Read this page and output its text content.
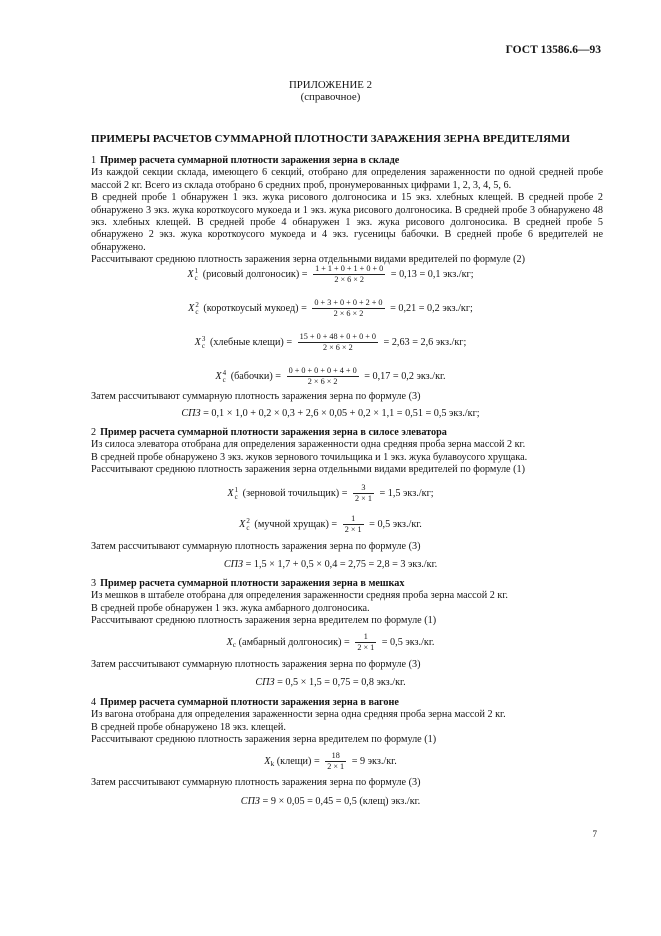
ГОСТ 13586.6—93
ПРИЛОЖЕНИЕ 2
(справочное)
ПРИМЕРЫ РАСЧЕТОВ СУММАРНОЙ ПЛОТНОСТИ ЗАРАЖЕНИЯ ЗЕРНА ВРЕДИТЕЛЯМИ

1 Пример расчета суммарной плотности заражения зерна в складе

Из каждой секции склада, имеющего 6 секций, отобрано для определения зараженности по одной средней пробе массой 2 кг. Всего из склада отобрано 6 средних проб, пронумерованных цифрами 1, 2, 3, 4, 5, 6.

В средней пробе 1 обнаружен 1 экз. жука рисового долгоносика и 15 экз. хлебных клещей. В средней пробе 2 обнаружено 3 экз. жука короткоусого мукоеда и 1 экз. жука рисового долгоносика. В средней пробе 3 обнаружено 48 экз. хлебных клещей. В средней пробе 4 обнаружен 1 экз. жука рисового долгоносика. В средней пробе 5 обнаружено 2 экз. жука короткоусого мукоеда и 4 экз. гусеницы бабочки. В средней пробе 6 вредителей не обнаружено.

Рассчитывают среднюю плотность заражения зерна отдельными видами вредителей по формуле (2)

X 1
c (рисовый долгоносик) = $\frac{1 + 1 + 0 + 1 + 0 + 0}{2 \times 6 \times 2} = 0,13 = 0,1$ экз./кг;
X 2
c (короткоусый мукоед) = $\frac{0 + 3 + 0 + 0 + 2 + 0}{2 \times 6 \times 2} = 0,21 = 0,2$ экз./кг;
X 3
c (хлебные клещи) = $\frac{15 + 0 + 48 + 0 + 0 + 0}{2 \times 6 \times 2} = 2,63 = 2,6$ экз./кг;
X 4
c (бабочки) = $\frac{0 + 0 + 0 + 0 + 4 + 0}{2 \times 6 \times 2} = 0,17 = 0,2$ экз./кг.

Затем рассчитывают суммарную плотность заражения зерна по формуле (3)

СПЗ = 0,1 × 1,0 + 0,2 × 0,3 + 2,6 × 0,05 + 0,2 × 1,1 = 0,51 = 0,5 экз./кг;

2 Пример расчета суммарной плотности заражения зерна в силосе элеватора

Из силоса элеватора отобрана для определения зараженности одна средняя проба зерна массой 2 кг.

В средней пробе обнаружено 3 экз. жуков зернового точильщика и 1 экз. жука булавоусого хрущака.

Рассчитывают среднюю плотность заражения зерна отдельными видами вредителей по формуле (1)

X 1
c (зерновой точильщик) = $\frac{3}{2 \times 1} = 1,5$ экз./кг;
X 2
c (мучной хрущак) = $\frac{1}{2 \times 1} = 0,5$ экз./кг.

Затем рассчитывают суммарную плотность заражения зерна по формуле (3)

СПЗ = 1,5 × 1,7 + 0,5 × 0,4 = 2,75 = 2,8 = 3 экз./кг.

3 Пример расчета суммарной плотности заражения зерна в мешках

Из мешков в штабеле отобрана для определения зараженности средняя проба зерна массой 2 кг.

В средней пробе обнаружен 1 экз. жука амбарного долгоносика.

Рассчитывают среднюю плотность заражения зерна вредителем по формуле (1)

$X_c$ (амбарный долгоносик) = $\frac{1}{2 \times 1} = 0,5$ экз./кг.

Затем рассчитывают суммарную плотность заражения зерна по формуле (3)

СПЗ = 0,5 × 1,5 = 0,75 = 0,8 экз./кг.

4 Пример расчета суммарной плотности заражения зерна в вагоне

Из вагона отобрана для определения зараженности зерна одна средняя проба зерна массой 2 кг.

В средней пробе обнаружено 18 экз. клещей.

Рассчитывают среднюю плотность заражения зерна вредителем по формуле (1)

$X_k$ (клещи) = $\frac{18}{2 \times 1} = 9$ экз./кг.

Затем рассчитывают суммарную плотность заражения зерна по формуле (3)

СПЗ = 9 × 0,05 = 0,45 = 0,5 (клещ) экз./кг.
7
